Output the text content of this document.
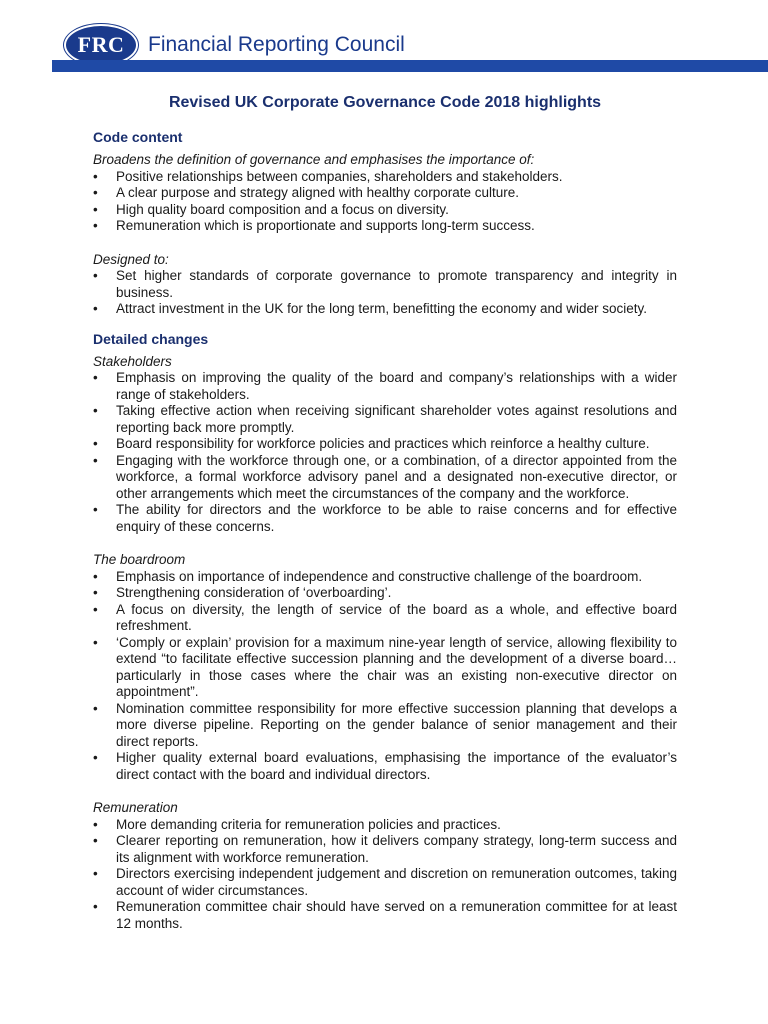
FRC	Financial Reporting Council
Revised UK Corporate Governance Code 2018 highlights
Code content
Broadens the definition of governance and emphasises the importance of:
• Positive relationships between companies, shareholders and stakeholders.
• A clear purpose and strategy aligned with healthy corporate culture.
• High quality board composition and a focus on diversity.
• Remuneration which is proportionate and supports long-term success.
Designed to:
• Set higher standards of corporate governance to promote transparency and integrity in business.
• Attract investment in the UK for the long term, benefitting the economy and wider society.
Detailed changes
Stakeholders
• Emphasis on improving the quality of the board and company’s relationships with a wider range of stakeholders.
• Taking effective action when receiving significant shareholder votes against resolutions and reporting back more promptly.
• Board responsibility for workforce policies and practices which reinforce a healthy culture.
• Engaging with the workforce through one, or a combination, of a director appointed from the workforce, a formal workforce advisory panel and a designated non-executive director, or other arrangements which meet the circumstances of the company and the workforce.
• The ability for directors and the workforce to be able to raise concerns and for effective enquiry of these concerns.
The boardroom
• Emphasis on importance of independence and constructive challenge of the boardroom.
• Strengthening consideration of ‘overboarding’.
• A focus on diversity, the length of service of the board as a whole, and effective board refreshment.
• ‘Comply or explain’ provision for a maximum nine-year length of service, allowing flexibility to extend “to facilitate effective succession planning and the development of a diverse board… particularly in those cases where the chair was an existing non-executive director on appointment”.
• Nomination committee responsibility for more effective succession planning that develops a more diverse pipeline. Reporting on the gender balance of senior management and their direct reports.
• Higher quality external board evaluations, emphasising the importance of the evaluator’s direct contact with the board and individual directors.
Remuneration
• More demanding criteria for remuneration policies and practices.
• Clearer reporting on remuneration, how it delivers company strategy, long-term success and its alignment with workforce remuneration.
• Directors exercising independent judgement and discretion on remuneration outcomes, taking account of wider circumstances.
• Remuneration committee chair should have served on a remuneration committee for at least 12 months.
